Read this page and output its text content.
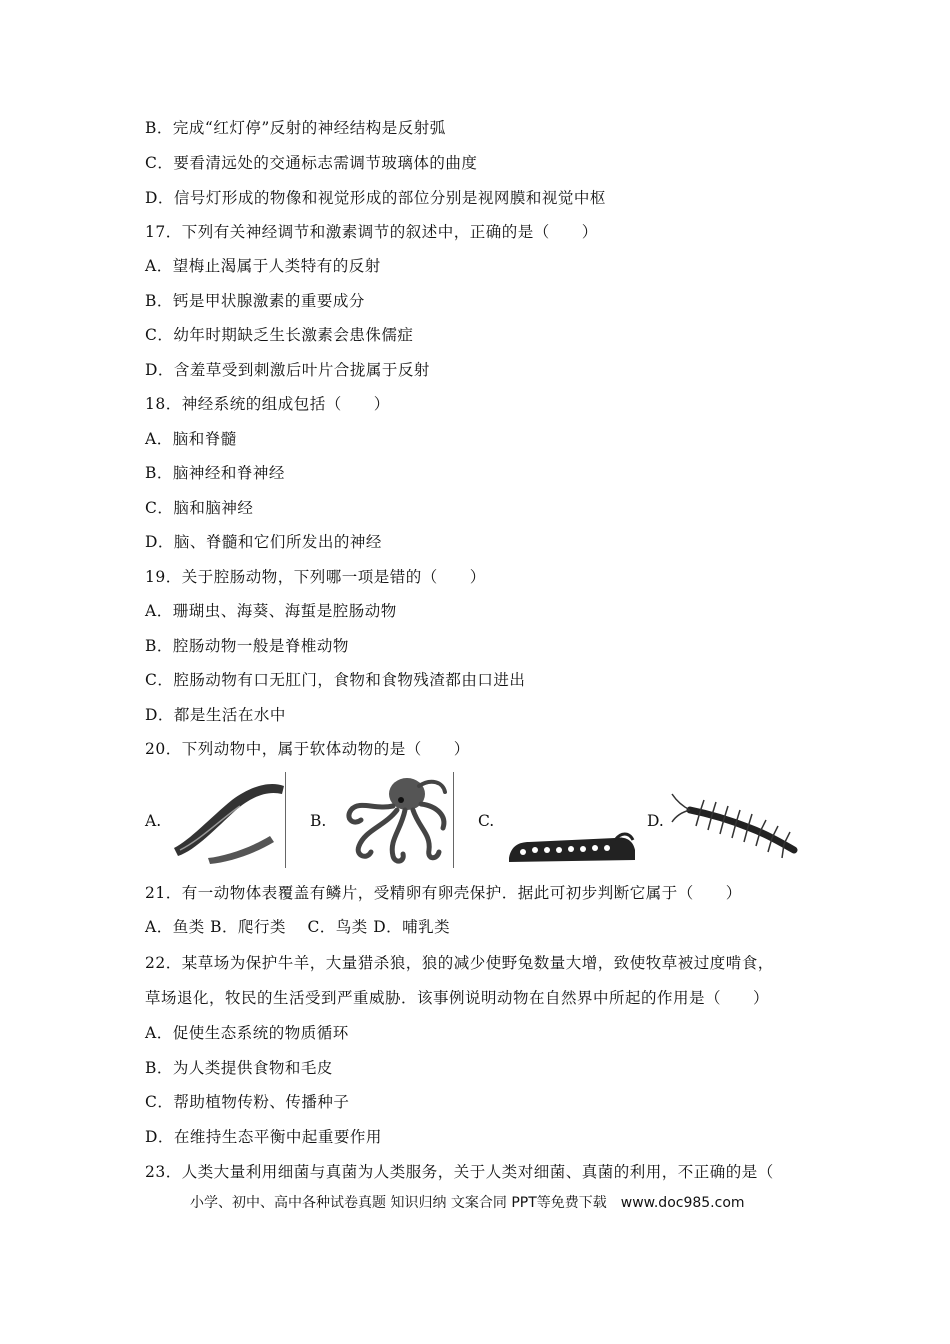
B．完成“红灯停”反射的神经结构是反射弧
C．要看清远处的交通标志需调节玻璃体的曲度
D．信号灯形成的物像和视觉形成的部位分别是视网膜和视觉中枢
17．下列有关神经调节和激素调节的叙述中，正确的是（　　）
A．望梅止渴属于人类特有的反射
B．钙是甲状腺激素的重要成分
C．幼年时期缺乏生长激素会患侏儒症
D．含羞草受到刺激后叶片合拢属于反射
18．神经系统的组成包括（　　）
A．脑和脊髓
B．脑神经和脊神经
C．脑和脑神经
D．脑、脊髓和它们所发出的神经
19．关于腔肠动物，下列哪一项是错的（　　）
A．珊瑚虫、海葵、海蜇是腔肠动物
B．腔肠动物一般是脊椎动物
C．腔肠动物有口无肛门，食物和食物残渣都由口进出
D．都是生活在水中
20．下列动物中，属于软体动物的是（　　）
A.	B.	C.	D.
21．有一动物体表覆盖有鳞片，受精卵有卵壳保护．据此可初步判断它属于（　　）
A．鱼类 B．爬行类　 C．鸟类 D．哺乳类
22．某草场为保护牛羊，大量猎杀狼，狼的减少使野兔数量大增，致使牧草被过度啃食，
草场退化，牧民的生活受到严重威胁．该事例说明动物在自然界中所起的作用是（　　）
A．促使生态系统的物质循环
B．为人类提供食物和毛皮
C．帮助植物传粉、传播种子
D．在维持生态平衡中起重要作用
23．人类大量利用细菌与真菌为人类服务，关于人类对细菌、真菌的利用，不正确的是（
小学、初中、高中各种试卷真题 知识归纳 文案合同 PPT等免费下载　www.doc985.com
